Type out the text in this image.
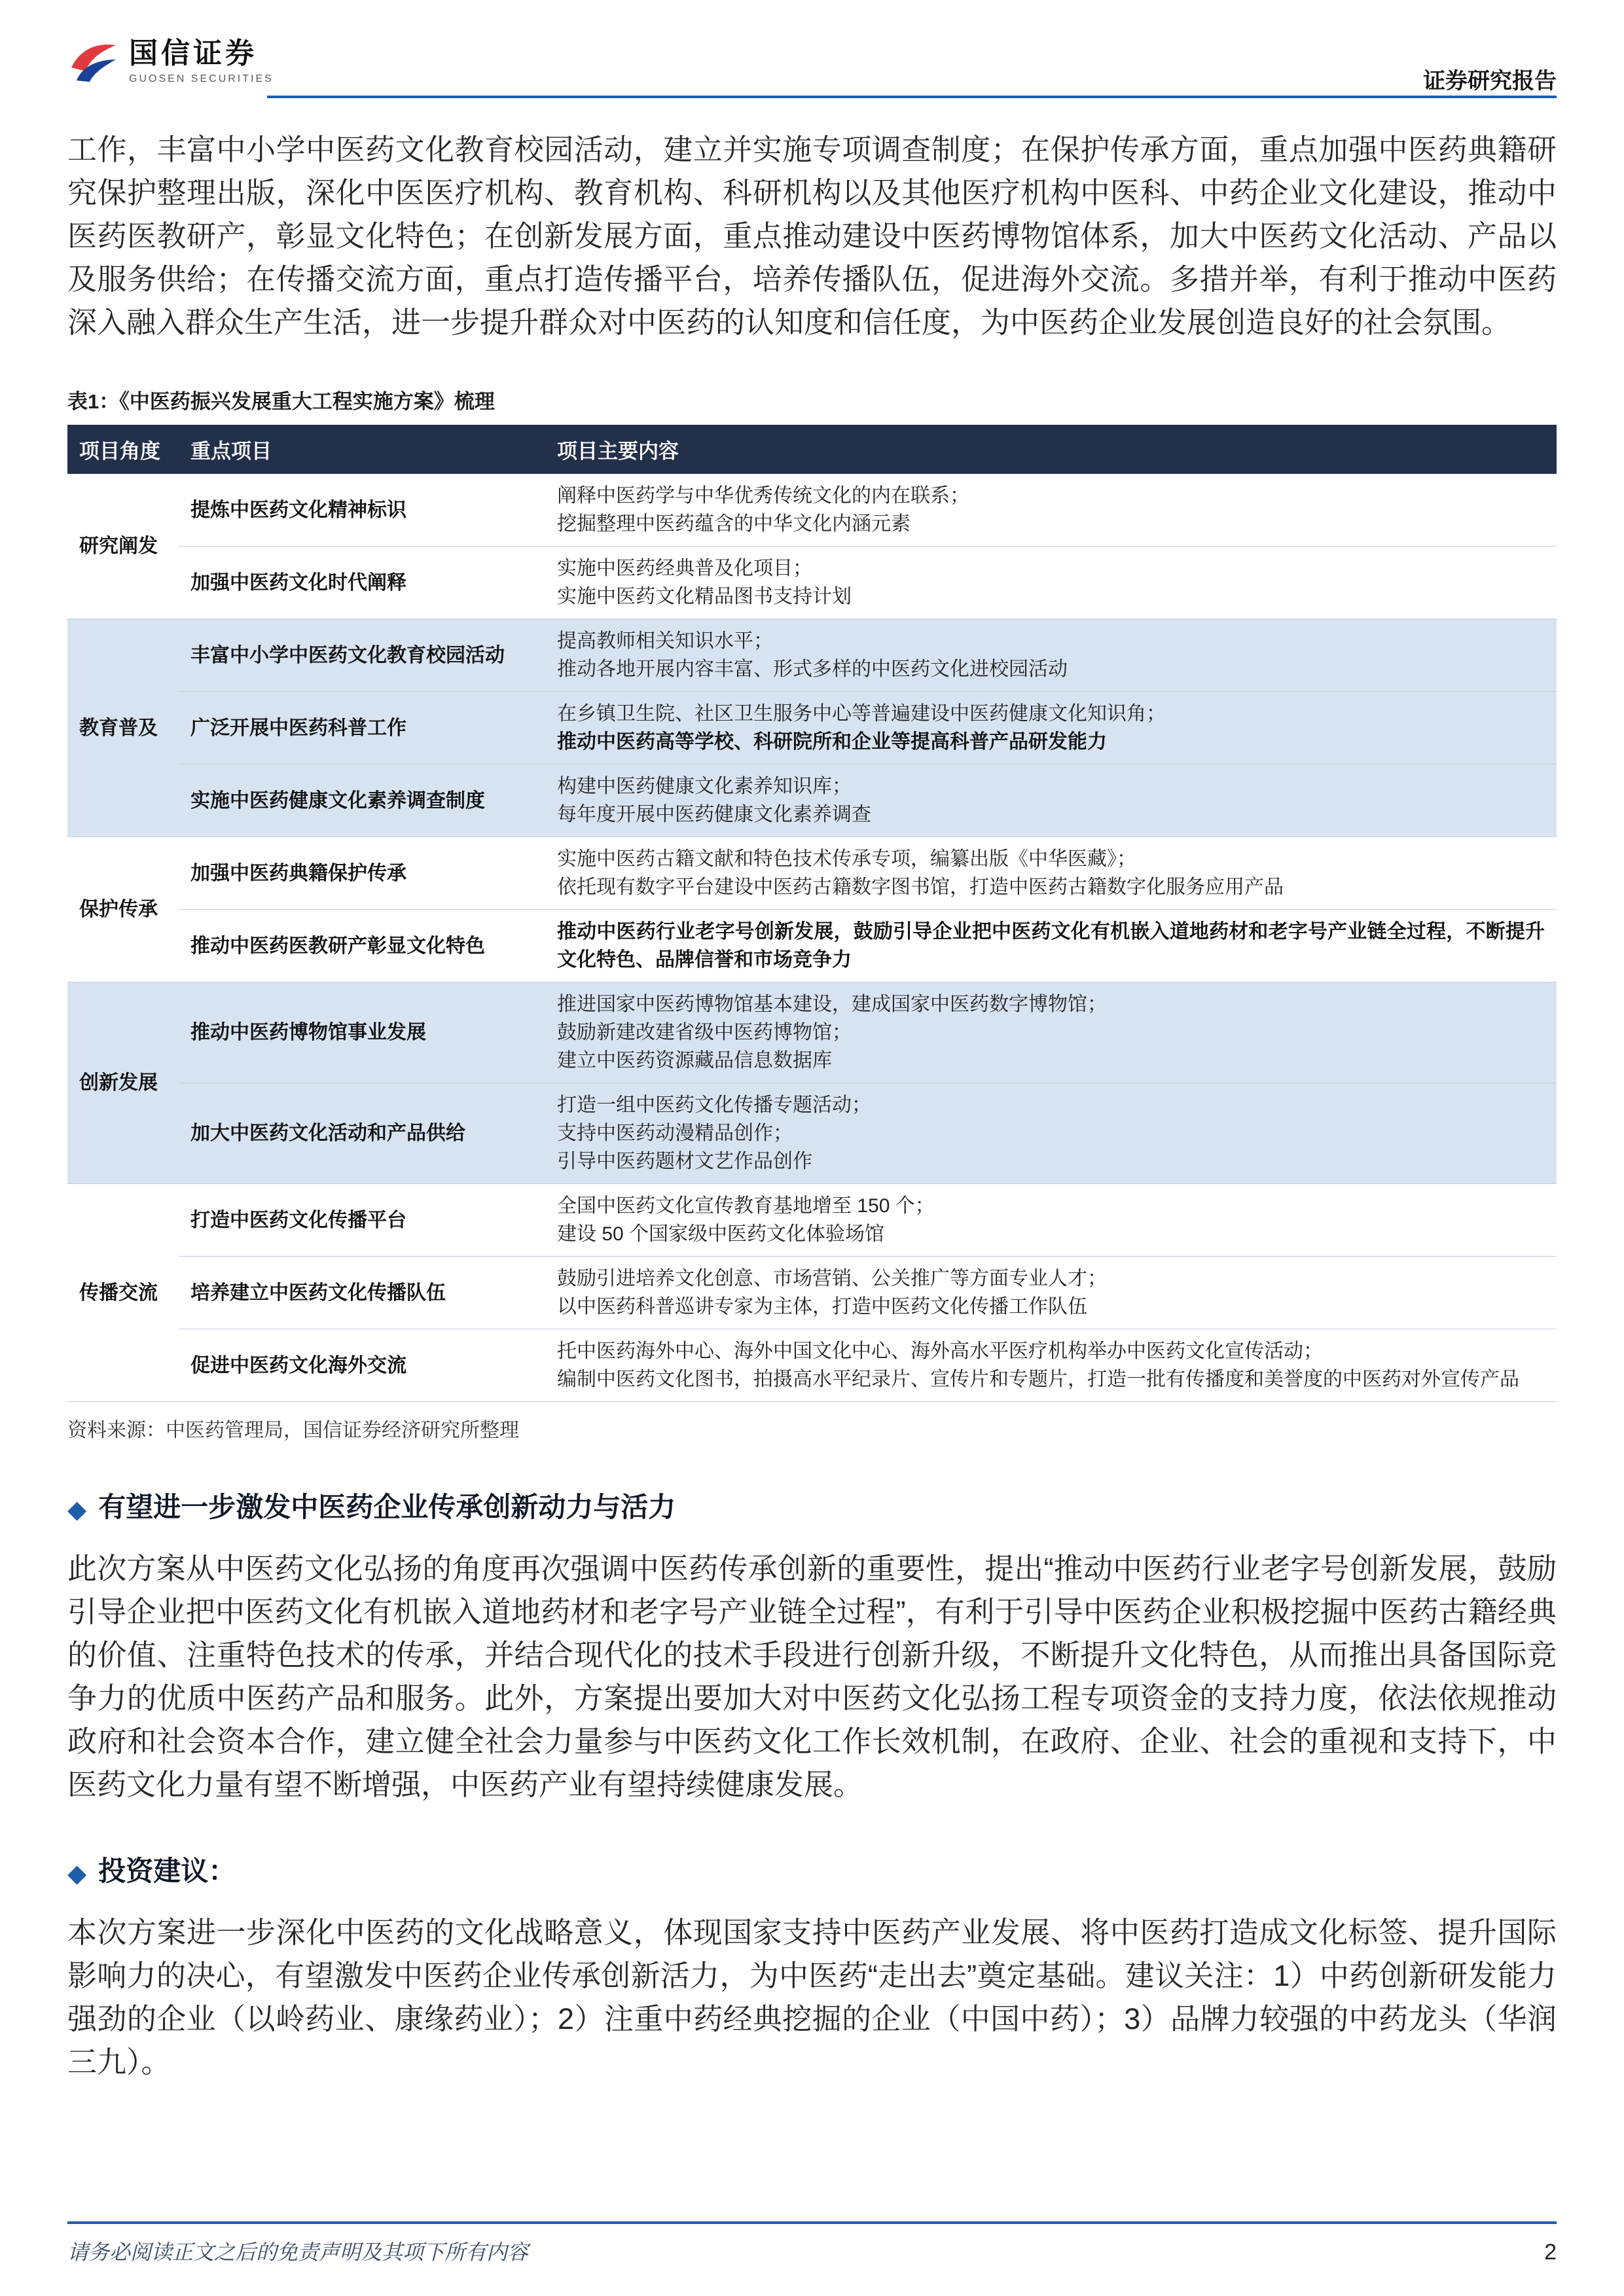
国信证券
GUOSEN SECURITIES	证券研究报告

工作，丰富中小学中医药文化教育校园活动，建立并实施专项调查制度；在保护传承方面，重点加强中医药典籍研究保护整理出版，深化中医医疗机构、教育机构、科研机构以及其他医疗机构中医科、中药企业文化建设，推动中医药医教研产，彰显文化特色；在创新发展方面，重点推动建设中医药博物馆体系，加大中医药文化活动、产品以及服务供给；在传播交流方面，重点打造传播平台，培养传播队伍，促进海外交流。多措并举，有利于推动中医药深入融入群众生产生活，进一步提升群众对中医药的认知度和信任度，为中医药企业发展创造良好的社会氛围。

表1：《中医药振兴发展重大工程实施方案》梳理
项目角度	重点项目	项目主要内容
研究阐发	提炼中医药文化精神标识	阐释中医药学与中华优秀传统文化的内在联系；
挖掘整理中医药蕴含的中华文化内涵元素

	加强中医药文化时代阐释	实施中医药经典普及化项目；
实施中医药文化精品图书支持计划

教育普及	丰富中小学中医药文化教育校园活动	提高教师相关知识水平；
推动各地开展内容丰富、形式多样的中医药文化进校园活动

	广泛开展中医药科普工作	在乡镇卫生院、社区卫生服务中心等普遍建设中医药健康文化知识角；
推动中医药高等学校、科研院所和企业等提高科普产品研发能力

	实施中医药健康文化素养调查制度	构建中医药健康文化素养知识库；
每年度开展中医药健康文化素养调查

保护传承	加强中医药典籍保护传承	实施中医药古籍文献和特色技术传承专项，编纂出版《中华医藏》；
依托现有数字平台建设中医药古籍数字图书馆，打造中医药古籍数字化服务应用产品

	推动中医药医教研产彰显文化特色	推动中医药行业老字号创新发展，鼓励引导企业把中医药文化有机嵌入道地药材和老字号产业链全过程，不断提升文化特色、品牌信誉和市场竞争力

创新发展	推动中医药博物馆事业发展	推进国家中医药博物馆基本建设，建成国家中医药数字博物馆；
鼓励新建改建省级中医药博物馆；
建立中医药资源藏品信息数据库

	加大中医药文化活动和产品供给	打造一组中医药文化传播专题活动；
支持中医药动漫精品创作；
引导中医药题材文艺作品创作

传播交流	打造中医药文化传播平台	全国中医药文化宣传教育基地增至 150 个；
建设 50 个国家级中医药文化体验场馆

	培养建立中医药文化传播队伍	鼓励引进培养文化创意、市场营销、公关推广等方面专业人才；
以中医药科普巡讲专家为主体，打造中医药文化传播工作队伍

	促进中医药文化海外交流	托中医药海外中心、海外中国文化中心、海外高水平医疗机构举办中医药文化宣传活动；
编制中医药文化图书，拍摄高水平纪录片、宣传片和专题片，打造一批有传播度和美誉度的中医药对外宣传产品
资料来源：中医药管理局，国信证券经济研究所整理
◆ 有望进一步激发中医药企业传承创新动力与活力

此次方案从中医药文化弘扬的角度再次强调中医药传承创新的重要性，提出“推动中医药行业老字号创新发展，鼓励引导企业把中医药文化有机嵌入道地药材和老字号产业链全过程”，有利于引导中医药企业积极挖掘中医药古籍经典的价值、注重特色技术的传承，并结合现代化的技术手段进行创新升级，不断提升文化特色，从而推出具备国际竞争力的优质中医药产品和服务。此外，方案提出要加大对中医药文化弘扬工程专项资金的支持力度，依法依规推动政府和社会资本合作，建立健全社会力量参与中医药文化工作长效机制，在政府、企业、社会的重视和支持下，中医药文化力量有望不断增强，中医药产业有望持续健康发展。

◆ 投资建议：

本次方案进一步深化中医药的文化战略意义，体现国家支持中医药产业发展、将中医药打造成文化标签、提升国际影响力的决心，有望激发中医药企业传承创新活力，为中医药“走出去”奠定基础。建议关注：1）中药创新研发能力强劲的企业（以岭药业、康缘药业）；2）注重中药经典挖掘的企业（中国中药）；3）品牌力较强的中药龙头（华润三九）。

请务必阅读正文之后的免责声明及其项下所有内容	2
